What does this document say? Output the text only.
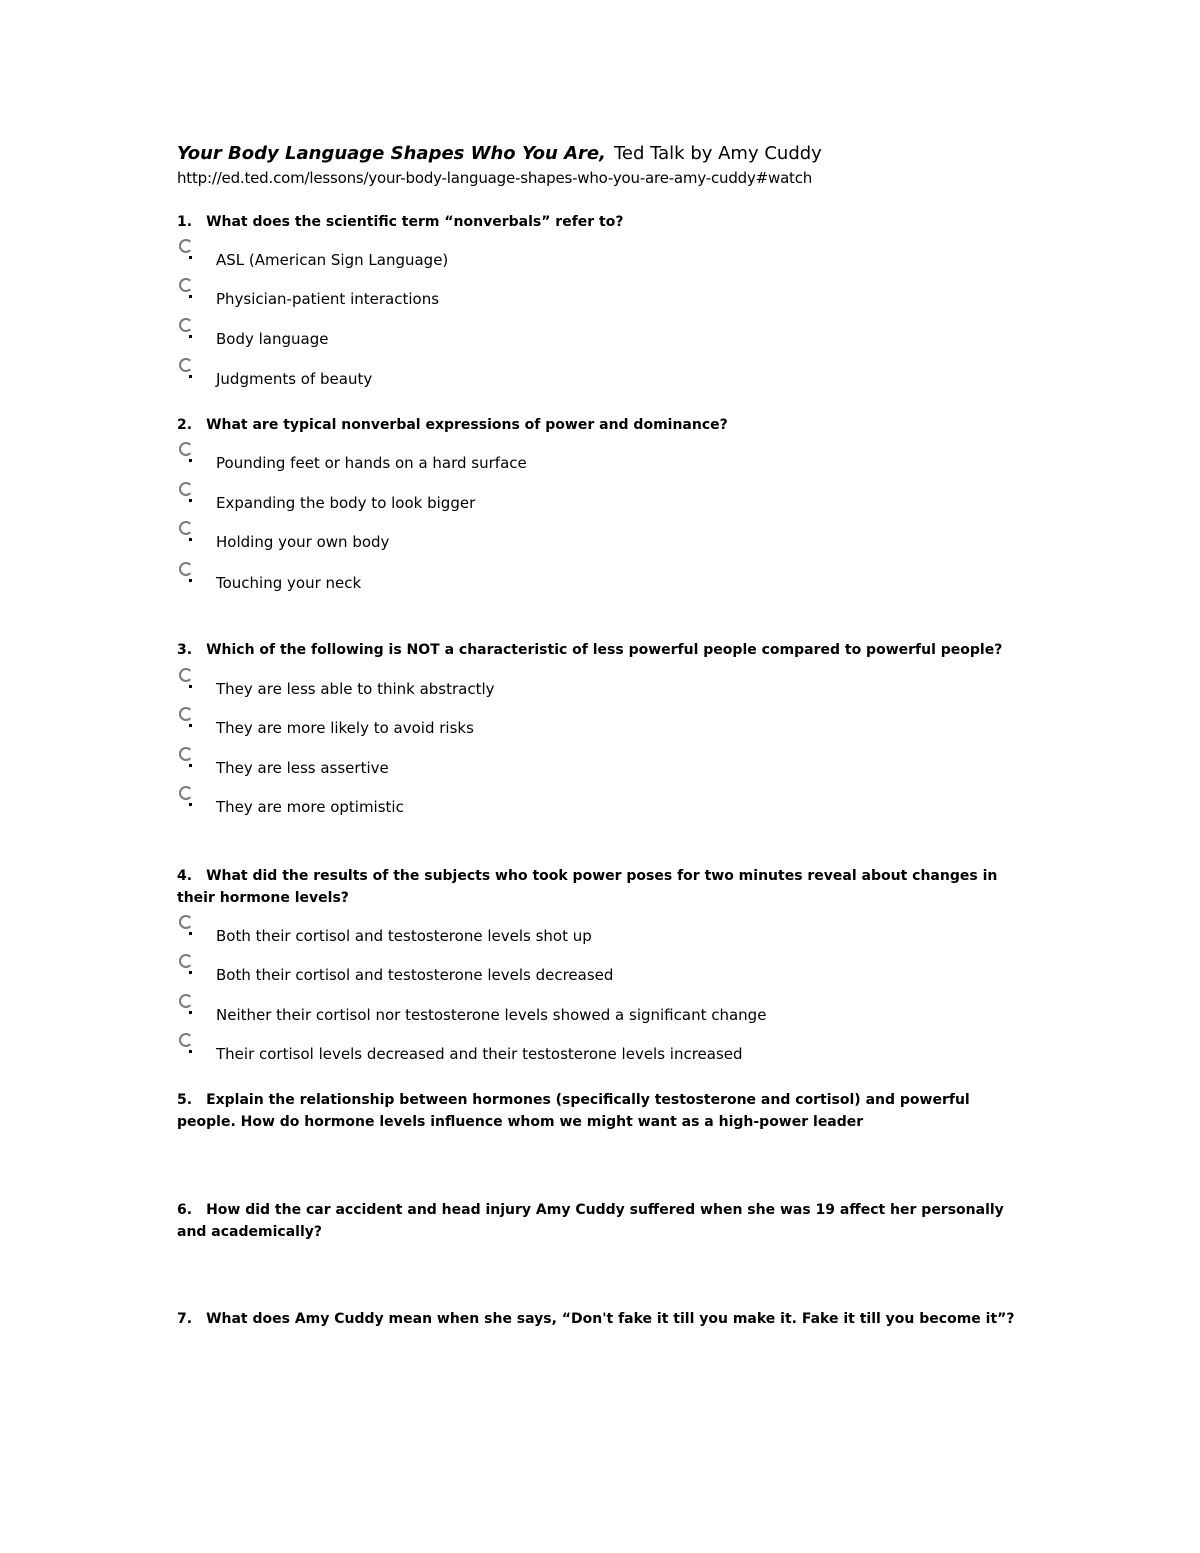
Your Body Language Shapes Who You Are, Ted Talk by Amy Cuddy
http://ed.ted.com/lessons/your-body-language-shapes-who-you-are-amy-cuddy#watch
1. What does the scientific term “nonverbals” refer to?
ASL (American Sign Language)
Physician-patient interactions
Body language
Judgments of beauty
2. What are typical nonverbal expressions of power and dominance?
Pounding feet or hands on a hard surface
Expanding the body to look bigger
Holding your own body
Touching your neck
3. Which of the following is NOT a characteristic of less powerful people compared to powerful people?
They are less able to think abstractly
They are more likely to avoid risks
They are less assertive
They are more optimistic
4. What did the results of the subjects who took power poses for two minutes reveal about changes in their hormone levels?
Both their cortisol and testosterone levels shot up
Both their cortisol and testosterone levels decreased
Neither their cortisol nor testosterone levels showed a significant change
Their cortisol levels decreased and their testosterone levels increased
5. Explain the relationship between hormones (specifically testosterone and cortisol) and powerful people. How do hormone levels influence whom we might want as a high-power leader
6. How did the car accident and head injury Amy Cuddy suffered when she was 19 affect her personally and academically?
7. What does Amy Cuddy mean when she says, “Don't fake it till you make it. Fake it till you become it”?
